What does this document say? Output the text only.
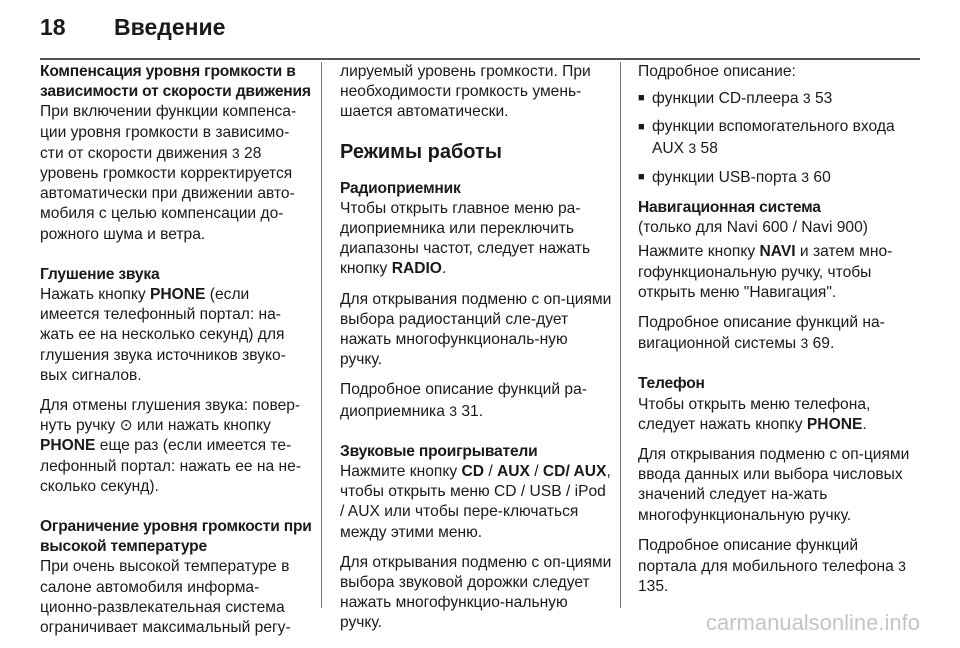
18	Введение
Компенсация уровня громкости в
зависимости от скорости движения

При включении функции компенса-ции уровня громкости в зависимо-сти от скорости движения 3 28
уровень громкости корректируется автоматически при движении авто-мобиля с целью компенсации до-рожного шума и ветра.

Глушение звука

Нажать кнопку PHONE (если имеется телефонный портал: на-жать ее на несколько секунд) для глушения звука источников звуко-вых сигналов.

Для отмены глушения звука: повер-нуть ручку ⊙ или нажать кнопку PHONE еще раз (если имеется те-лефонный портал: нажать ее на не-сколько секунд).

Ограничение уровня громкости при
высокой температуре

При очень высокой температуре в салоне автомобиля информа-ционно-развлекательная система ограничивает максимальный регу-

лируемый уровень громкости. При необходимости громкость умень-шается автоматически.

Режимы работы
Радиоприемник

Чтобы открыть главное меню ра-диоприемника или переключить диапазоны частот, следует нажать кнопку RADIO.

Для открывания подменю с оп-циями выбора радиостанций сле-дует нажать многофункциональ-ную ручку.

Подробное описание функций ра-диоприемника 3 31.

Звуковые проигрыватели

Нажмите кнопку CD / AUX / CD/ AUX, чтобы открыть меню CD / USB / iPod / AUX или чтобы пере-ключаться между этими меню.

Для открывания подменю с оп-циями выбора звуковой дорожки следует нажать многофункцио-нальную ручку.

Подробное описание:

■ функции CD-плеера 3 53
■ функции вспомогательного входа AUX 3 58
■ функции USB-порта 3 60
Навигационная система

(только для Navi 600 / Navi 900)

Нажмите кнопку NAVI и затем мно-гофункциональную ручку, чтобы открыть меню "Навигация".

Подробное описание функций на-вигационной системы 3 69.

Телефон

Чтобы открыть меню телефона, следует нажать кнопку PHONE.

Для открывания подменю с оп-циями ввода данных или выбора числовых значений следует на-жать многофункциональную ручку.

Подробное описание функций портала для мобильного телефона 3 135.

carmanualsonline.info
